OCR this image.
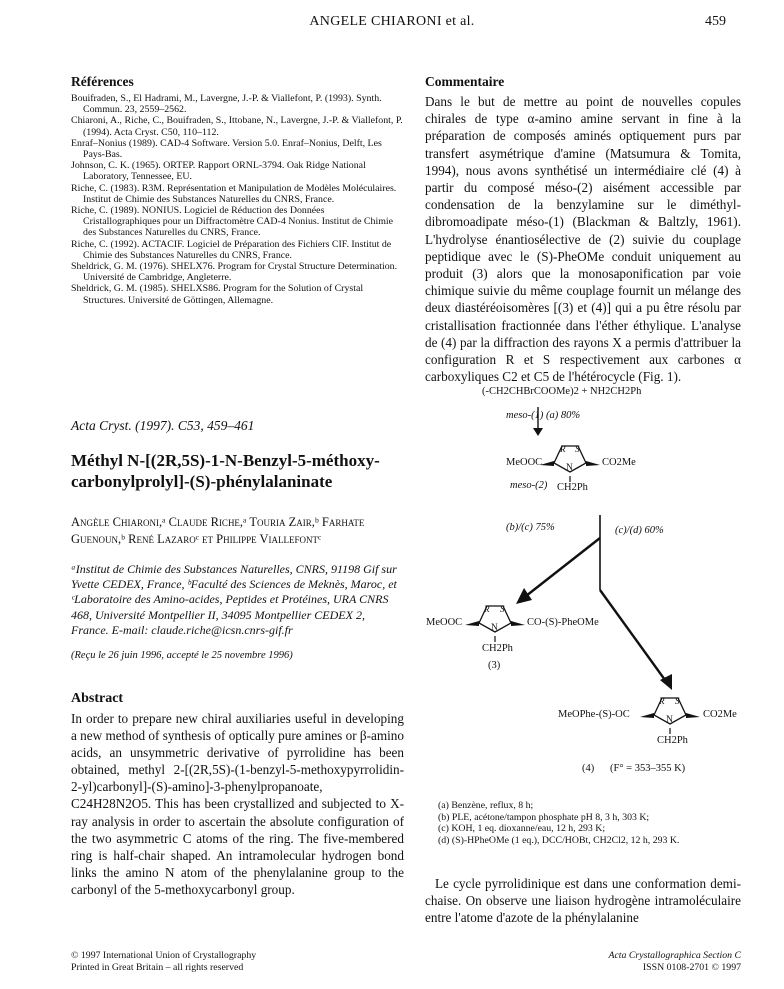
ANGELE CHIARONI et al.	459
Références

Bouifraden, S., El Hadrami, M., Lavergne, J.-P. & Viallefont, P. (1993). Synth. Commun. 23, 2559–2562.

Chiaroni, A., Riche, C., Bouifraden, S., Ittobane, N., Lavergne, J.-P. & Viallefont, P. (1994). Acta Cryst. C50, 110–112.

Enraf–Nonius (1989). CAD-4 Software. Version 5.0. Enraf–Nonius, Delft, Les Pays-Bas.

Johnson, C. K. (1965). ORTEP. Rapport ORNL-3794. Oak Ridge National Laboratory, Tennessee, EU.

Riche, C. (1983). R3M. Représentation et Manipulation de Modèles Moléculaires. Institut de Chimie des Substances Naturelles du CNRS, France.

Riche, C. (1989). NONIUS. Logiciel de Réduction des Données Cristallographiques pour un Diffractomètre CAD-4 Nonius. Institut de Chimie des Substances Naturelles du CNRS, France.

Riche, C. (1992). ACTACIF. Logiciel de Préparation des Fichiers CIF. Institut de Chimie des Substances Naturelles du CNRS, France.

Sheldrick, G. M. (1976). SHELX76. Program for Crystal Structure Determination. Université de Cambridge, Angleterre.

Sheldrick, G. M. (1985). SHELXS86. Program for the Solution of Crystal Structures. Université de Göttingen, Allemagne.

Acta Cryst. (1997). C53, 459–461
Méthyl N-[(2R,5S)-1-N-Benzyl-5-méthoxy-carbonylprolyl]-(S)-phénylalaninate
Angèle Chiaroni,ᵃ Claude Riche,ᵃ Touria Zair,ᵇ Farhate Guenoun,ᵇ René Lazaroᶜ et Philippe Viallefontᶜ
ᵃInstitut de Chimie des Substances Naturelles, CNRS, 91198 Gif sur Yvette CEDEX, France, ᵇFaculté des Sciences de Meknès, Maroc, et ᶜLaboratoire des Amino-acides, Peptides et Protéines, URA CNRS 468, Université Montpellier II, 34095 Montpellier CEDEX 2, France. E-mail: claude.riche@icsn.cnrs-gif.fr
(Reçu le 26 juin 1996, accepté le 25 novembre 1996)
Abstract
In order to prepare new chiral auxiliaries useful in developing a new method of synthesis of optically pure amines or β-amino acids, an unsymmetric derivative of pyrrolidine has been obtained, methyl 2-[(2R,5S)-(1-benzyl-5-methoxypyrrolidin-2-yl)carbonyl]-(S)-amino]-3-phenylpropanoate, C24H28N2O5. This has been crystallized and subjected to X-ray analysis in order to ascertain the absolute configuration of the two asymmetric C atoms of the ring. The five-membered ring is half-chair shaped. An intramolecular hydrogen bond links the amino N atom of the phenylalanine group to the carbonyl of the 5-methoxycarbonyl group.
Commentaire
Dans le but de mettre au point de nouvelles copules chirales de type α-amino amine servant in fine à la préparation de composés aminés optiquement purs par transfert asymétrique d'amine (Matsumura & Tomita, 1994), nous avons synthétisé un intermédiaire clé (4) à partir du composé méso-(2) aisément accessible par condensation de la benzylamine sur le diméthyl-dibromoadipate méso-(1) (Blackman & Baltzly, 1961). L'hydrolyse énantiosélective de (2) suivie du couplage peptidique avec le (S)-PheOMe conduit uniquement au produit (3) alors que la monosaponification par voie chimique suivie du même couplage fournit un mélange des deux diastéréoisomères [(3) et (4)] qui a pu être résolu par cristallisation fractionnée dans l'éther éthylique. L'analyse de (4) par la diffraction des rayons X a permis d'attribuer la configuration R et S respectivement aux carbones α carboxyliques C2 et C5 de l'hétérocycle (Fig. 1).
(-CH2CHBrCOOMe)2 + NH2CH2Ph
meso-(1) (a) 80%
MeOOC
R S
CO2Me
N
meso-(2) CH2Ph
(b)/(c) 75%	(c)/(d) 60%
MeOOC
R S
CO-(S)-PheOMe
N
CH2Ph
(3)
MeOPhe-(S)-OC
R S
CO2Me
N
CH2Ph
(4) (F° = 353–355 K)
(a) Benzène, reflux, 8 h;
(b) PLE, acétone/tampon phosphate pH 8, 3 h, 303 K;
(c) KOH, 1 eq. dioxanne/eau, 12 h, 293 K;
(d) (S)-HPheOMe (1 eq.), DCC/HOBt, CH2Cl2, 12 h, 293 K.
Le cycle pyrrolidinique est dans une conformation demi-chaise. On observe une liaison hydrogène intramoléculaire entre l'atome d'azote de la phénylalanine
© 1997 International Union of Crystallography
Printed in Great Britain – all rights reserved
Acta Crystallographica Section C
ISSN 0108-2701 © 1997
